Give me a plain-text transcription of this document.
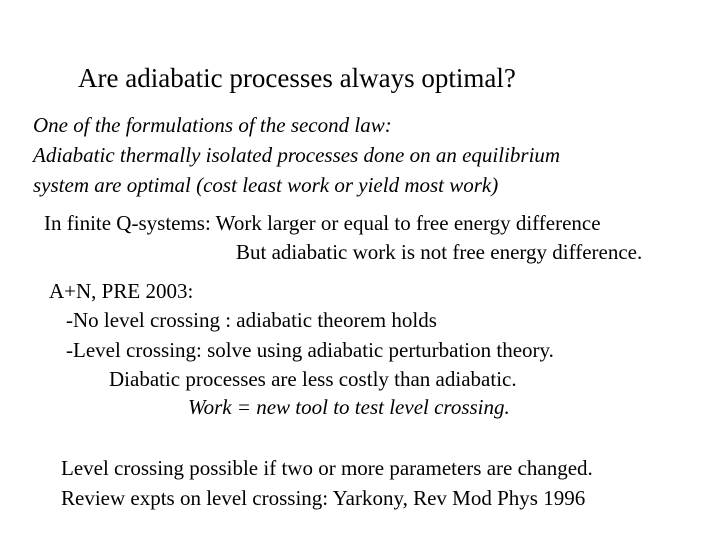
Are adiabatic processes always optimal?
One of the formulations of the second law:
Adiabatic thermally isolated processes done on an equilibrium
system are optimal (cost least work or yield most work)
In finite Q-systems: Work larger or equal to free energy difference
But adiabatic work is not free energy difference.
A+N, PRE 2003:
-No level crossing : adiabatic theorem holds
-Level crossing: solve using adiabatic perturbation theory.
Diabatic processes are less costly than adiabatic.
Work = new tool to test level crossing.
Level crossing possible if two or more parameters are changed.
Review expts on level crossing: Yarkony, Rev Mod Phys 1996
